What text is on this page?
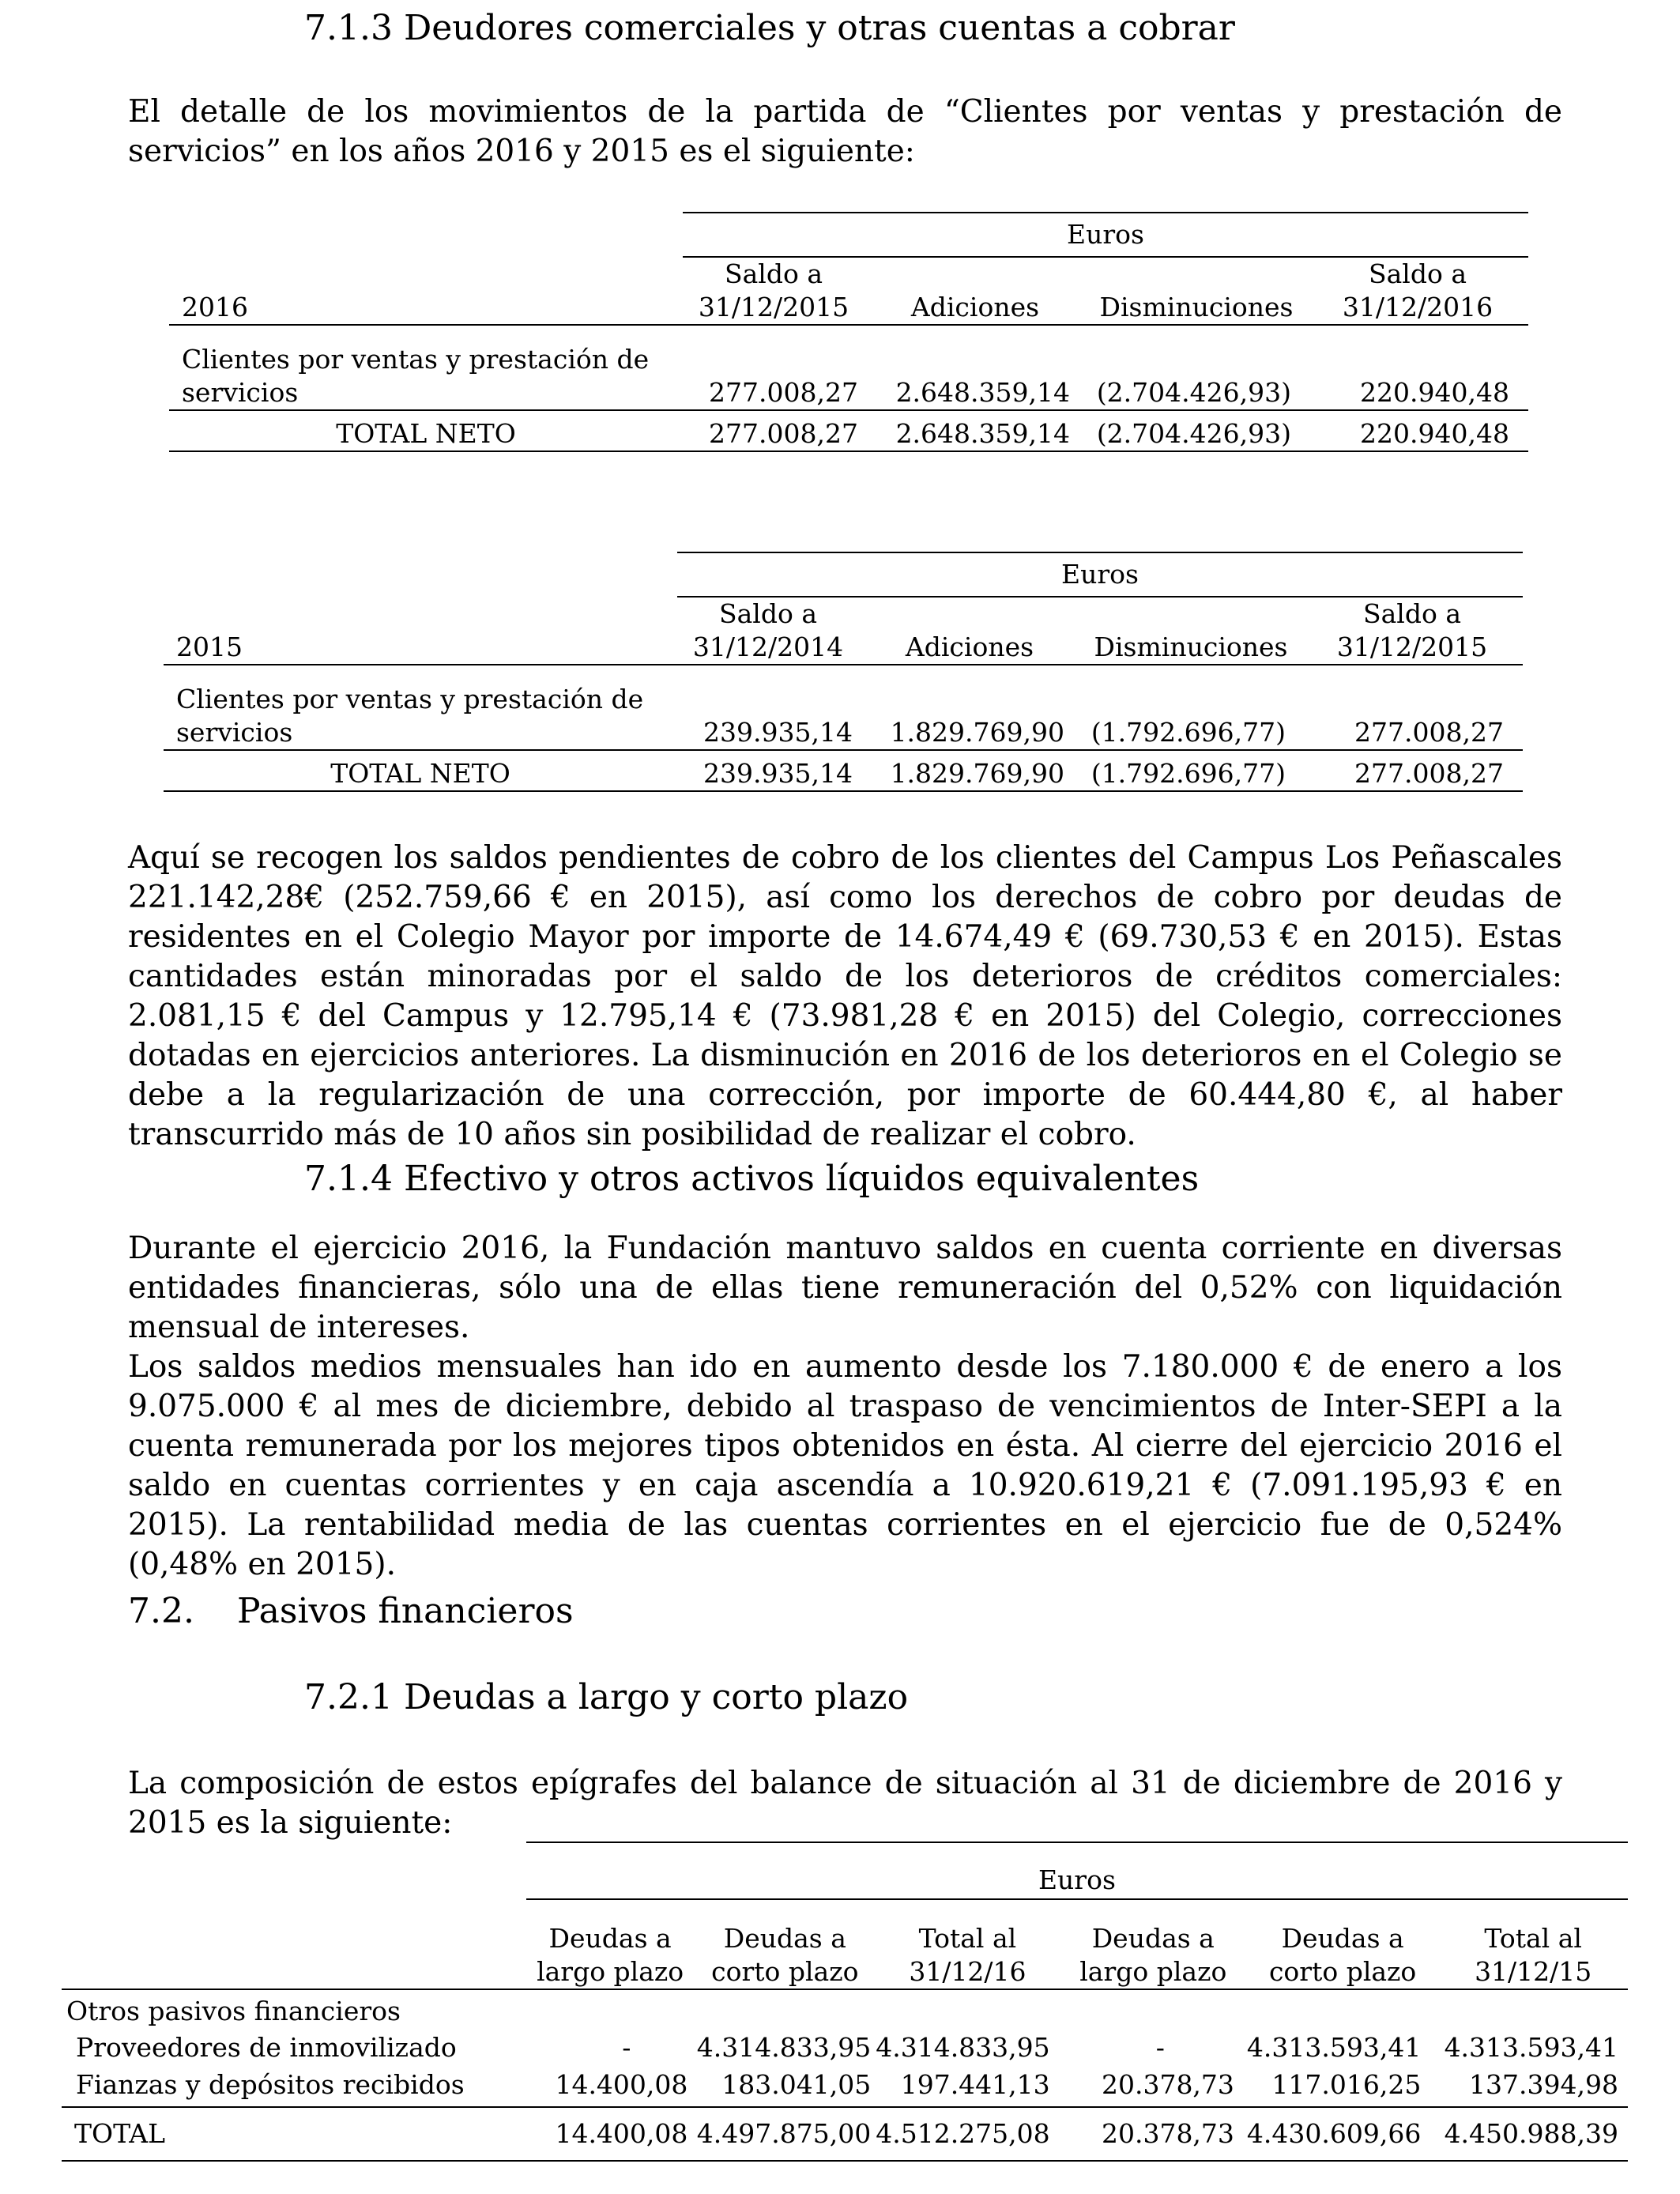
7.1.3 Deudores comerciales y otras cuentas a cobrar
El detalle de los movimientos de la partida de “Clientes por ventas y prestación de servicios” en los años 2016 y 2015 es el siguiente:
	Euros			
	Saldo a			Saldo a
2016	31/12/2015	Adiciones	Disminuciones	31/12/2016
Clientes por ventas y prestación de				
servicios	277.008,27	2.648.359,14	(2.704.426,93)	220.940,48
TOTAL NETO	277.008,27	2.648.359,14	(2.704.426,93)	220.940,48
	Euros			
	Saldo a			Saldo a
2015	31/12/2014	Adiciones	Disminuciones	31/12/2015
Clientes por ventas y prestación de				
servicios	239.935,14	1.829.769,90	(1.792.696,77)	277.008,27
TOTAL NETO	239.935,14	1.829.769,90	(1.792.696,77)	277.008,27
Aquí se recogen los saldos pendientes de cobro de los clientes del Campus Los Peñascales 221.142,28€ (252.759,66 € en 2015), así como los derechos de cobro por deudas de residentes en el Colegio Mayor por importe de 14.674,49 € (69.730,53 € en 2015). Estas cantidades están minoradas por el saldo de los deterioros de créditos comerciales: 2.081,15 € del Campus y 12.795,14 € (73.981,28 € en 2015) del Colegio, correcciones dotadas en ejercicios anteriores. La disminución en 2016 de los deterioros en el Colegio se debe a la regularización de una corrección, por importe de 60.444,80 €, al haber transcurrido más de 10 años sin posibilidad de realizar el cobro.
7.1.4 Efectivo y otros activos líquidos equivalentes
Durante el ejercicio 2016, la Fundación mantuvo saldos en cuenta corriente en diversas entidades financieras, sólo una de ellas tiene remuneración del 0,52% con liquidación mensual de intereses.
Los saldos medios mensuales han ido en aumento desde los 7.180.000 € de enero a los 9.075.000 € al mes de diciembre, debido al traspaso de vencimientos de Inter-SEPI a la cuenta remunerada por los mejores tipos obtenidos en ésta. Al cierre del ejercicio 2016 el saldo en cuentas corrientes y en caja ascendía a 10.920.619,21 € (7.091.195,93 € en 2015). La rentabilidad media de las cuentas corrientes en el ejercicio fue de 0,524% (0,48% en 2015).
7.2. Pasivos financieros
7.2.1 Deudas a largo y corto plazo
La composición de estos epígrafes del balance de situación al 31 de diciembre de 2016 y 2015 es la siguiente:
	Euros					
	Deudas a	Deudas a	Total al	Deudas a	Deudas a	Total al
	largo plazo	corto plazo	31/12/16	largo plazo	corto plazo	31/12/15
Otros pasivos financieros						
Proveedores de inmovilizado	-	4.314.833,95	4.314.833,95	-	4.313.593,41	4.313.593,41
Fianzas y depósitos recibidos	14.400,08	183.041,05	197.441,13	20.378,73	117.016,25	137.394,98
TOTAL	14.400,08	4.497.875,00	4.512.275,08	20.378,73	4.430.609,66	4.450.988,39
